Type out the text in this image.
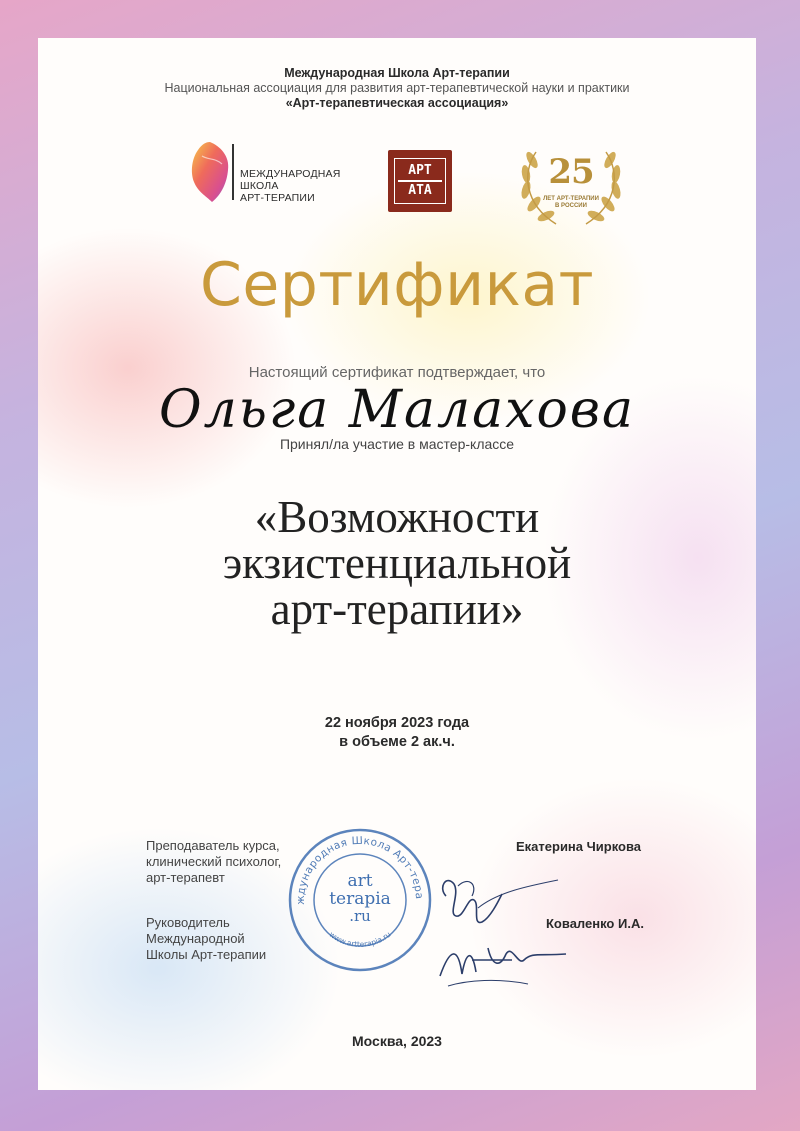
Международная Школа Арт-терапии
Национальная ассоциация для развития арт-терапевтической науки и практики
«Арт-терапевтическая ассоциация»
МЕЖДУНАРОДНАЯ
ШКОЛА
АРТ-ТЕРАПИИ
АРТ
АТА	25
ЛЕТ АРТ-ТЕРАПИИ
В РОССИИ
Сертификат
Настоящий сертификат подтверждает, что
Ольга Малахова
Принял/ла участие в мастер-классе
«Возможности
экзистенциальной
арт-терапии»
22 ноября 2023 года
в объеме 2 ак.ч.
Преподаватель курса,
клинический психолог,
арт-терапевт
Екатерина Чиркова
Руководитель
Международной
Школы Арт-терапии
Коваленко И.А.
ждународная Школа Арт-тера
www.artterapia.ru
art
terapia
.ru
Москва, 2023
